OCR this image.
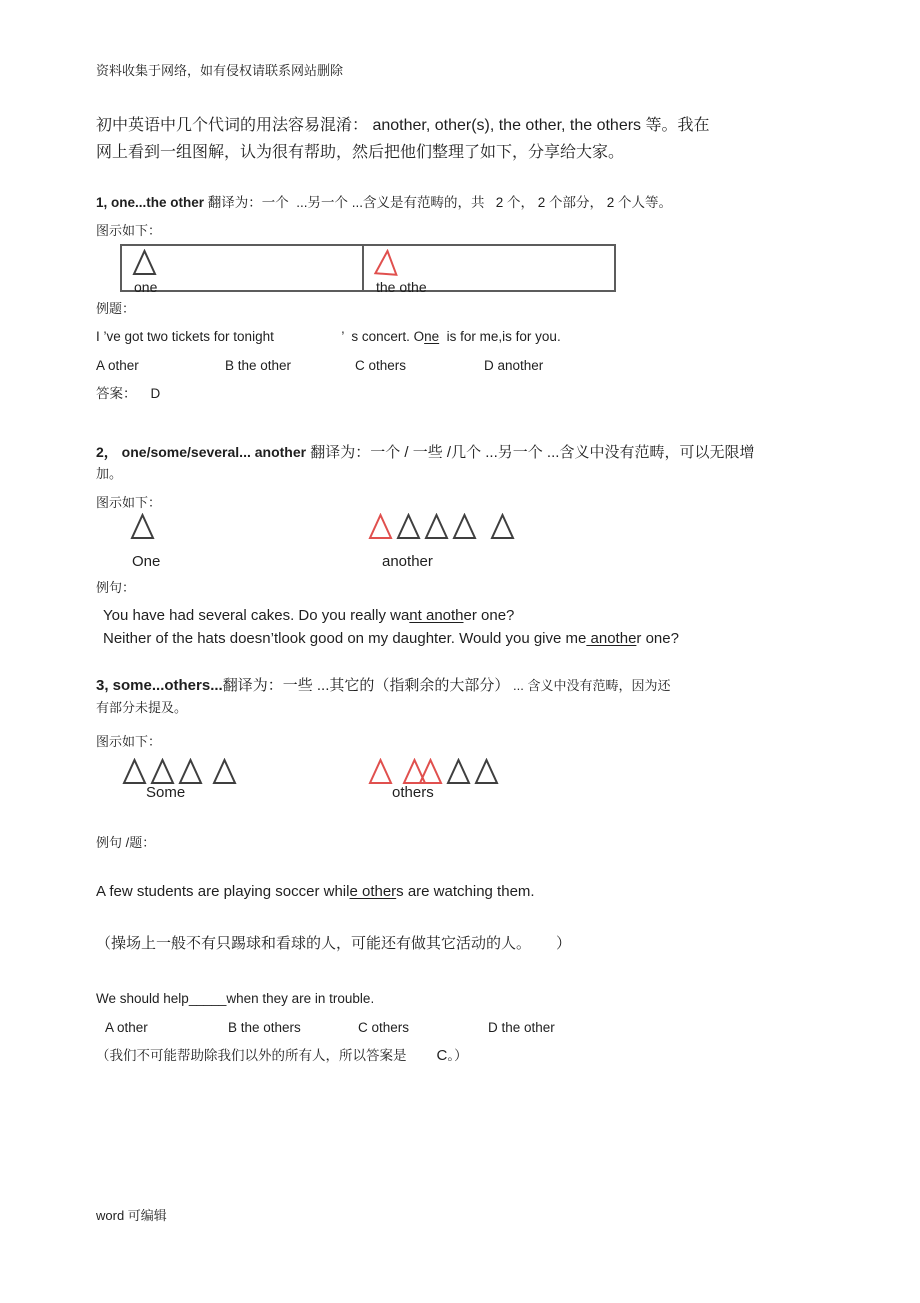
资料收集于网络，如有侵权请联系网站删除
初中英语中几个代词的用法容易混淆： another, other(s), the other, the others 等。我在
网上看到一组图解，认为很有帮助，然后把他们整理了如下，分享给大家。
1, one...the other 翻译为：一个  ...另一个 ...含义是有范畴的，共   2 个， 2 个部分， 2 个人等。
图示如下：
one	the othe
例题：
I ’ve got two tickets for tonight                  ’  s concert. One  is for me,is for you.
A other	B the other	C others	D another
答案： D
2， one/some/several... another 翻译为：一个 / 一些 /几个 ...另一个 ...含义中没有范畴，可以无限增
加。
图示如下：
One	another
例句：
You have had several cakes. Do you really want another one?
Neither of the hats doesn’tlook good on my daughter. Would you give me another one?
3, some...others...翻译为：一些 ...其它的（指剩余的大部分） ... 含义中没有范畴，因为还
有部分未提及。
图示如下：
Some	others
例句 /题：
A few students are playing soccer while others are watching them.
（操场上一般不有只踢球和看球的人，可能还有做其它活动的人。      ）
We should help_____when they are in trouble.
A other	B the others	C others	D the other
（我们不可能帮助除我们以外的所有人，所以答案是        C。）
word 可编辑
